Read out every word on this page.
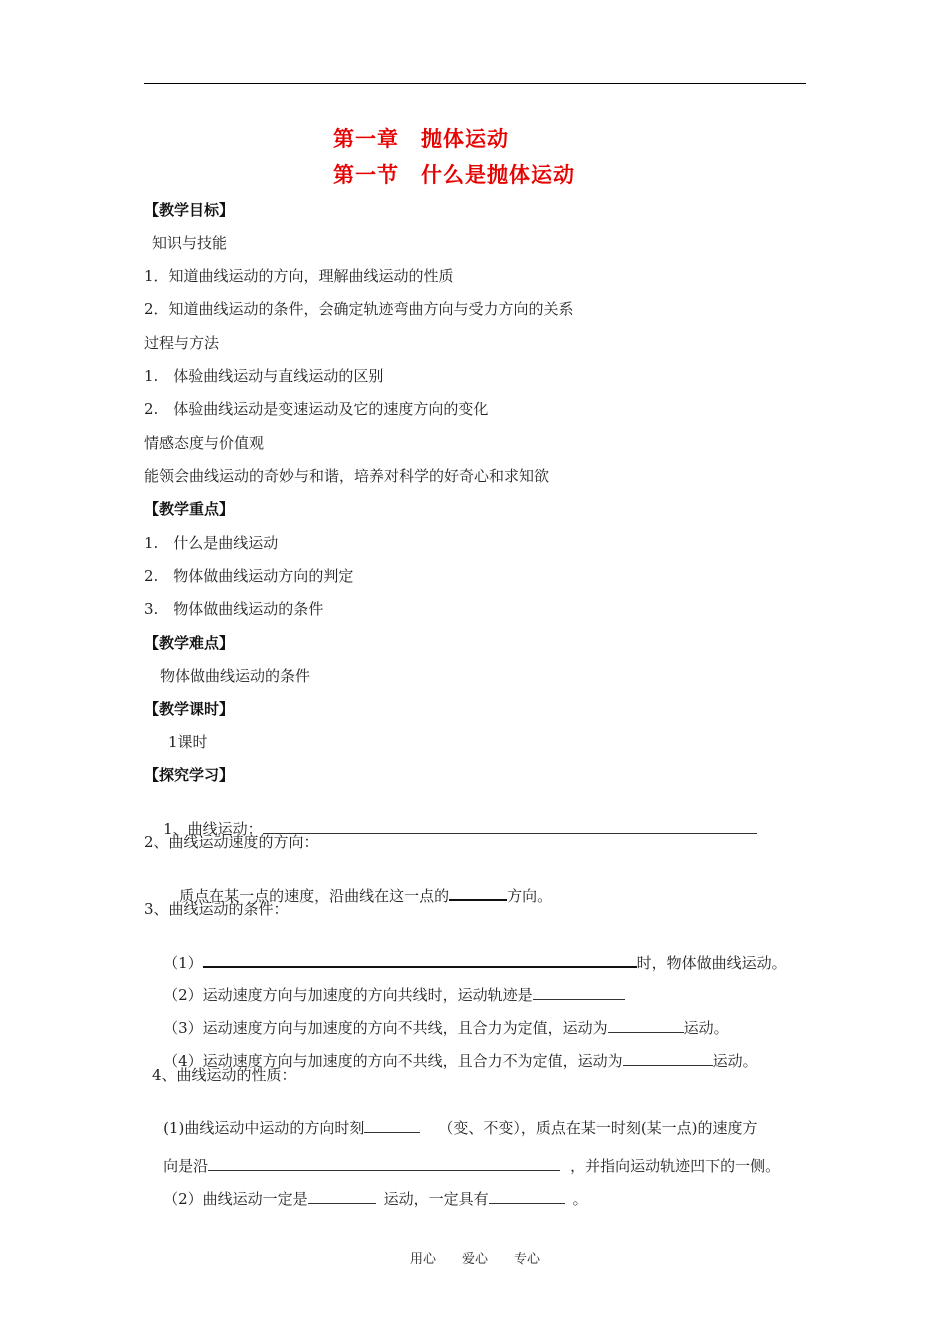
第一章　抛体运动
第一节　什么是抛体运动
【教学目标】
知识与技能
1．知道曲线运动的方向，理解曲线运动的性质
2．知道曲线运动的条件，会确定轨迹弯曲方向与受力方向的关系
过程与方法
1.　体验曲线运动与直线运动的区别
2.　体验曲线运动是变速运动及它的速度方向的变化
情感态度与价值观
能领会曲线运动的奇妙与和谐，培养对科学的好奇心和求知欲
【教学重点】
1.　什么是曲线运动
2.　物体做曲线运动方向的判定
3.　物体做曲线运动的条件
【教学难点】
物体做曲线运动的条件
【教学课时】
1课时
【探究学习】

1、曲线运动：

2、曲线运动速度的方向：

质点在某一点的速度，沿曲线在这一点的	方向。

3、曲线运动的条件：

（1）	时，物体做曲线运动。

（2）运动速度方向与加速度的方向共线时，运动轨迹是

（3）运动速度方向与加速度的方向不共线，且合力为定值，运动为	运动。

（4）运动速度方向与加速度的方向不共线，且合力不为定值，运动为	运动。

4、曲线运动的性质：

(1)曲线运动中运动的方向时刻	（变、不变），质点在某一时刻(某一点)的速度方

向是沿	，并指向运动轨迹凹下的一侧。

（2）曲线运动一定是	运动，一定具有	。

用心　　爱心　　专心
